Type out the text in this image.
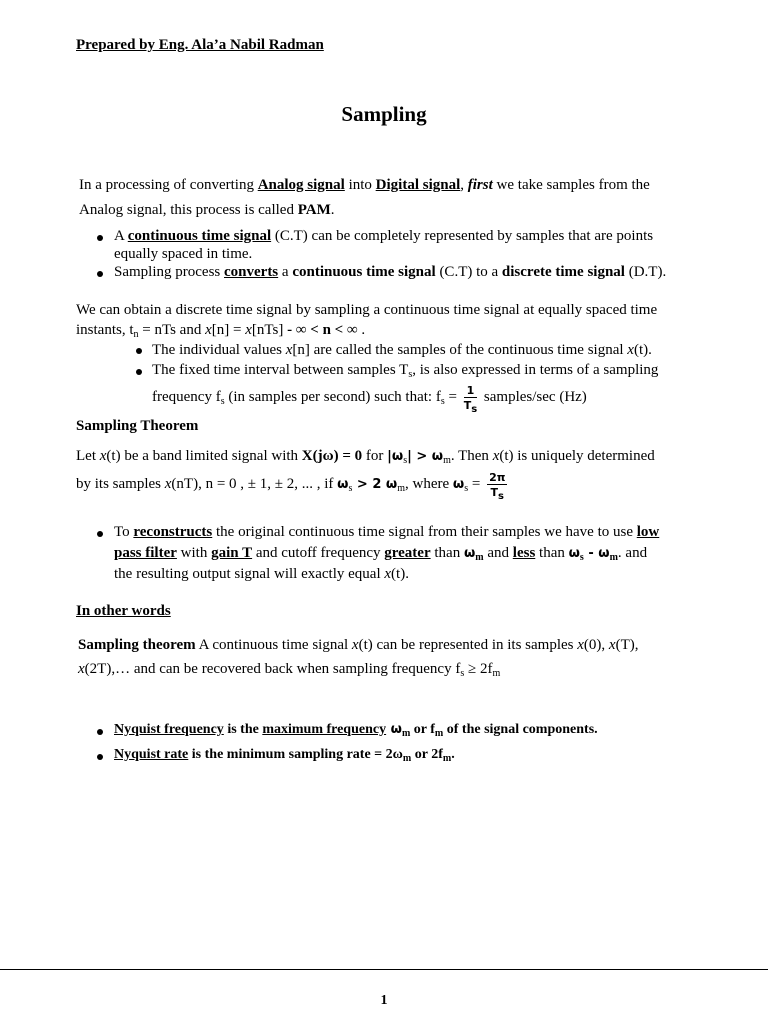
Prepared by Eng. Ala’a Nabil Radman
Sampling
In a processing of converting Analog signal into Digital signal, first we take samples from the
Analog signal, this process is called PAM.
A continuous time signal (C.T) can be completely represented by samples that are points
equally spaced in time.
Sampling process converts a continuous time signal (C.T) to a discrete time signal (D.T).
We can obtain a discrete time signal by sampling a continuous time signal at equally spaced time
instants, $t_n$ = nTs and x[n] = x[nTs] - ∞ < n < ∞ .
The individual values x[n] are called the samples of the continuous time signal x(t).
The fixed time interval between samples $T_s$, is also expressed in terms of a sampling
frequency $f_s$ (in samples per second) such that: $f_s = \frac{1}{T_s}$ samples/sec (Hz)
Sampling Theorem
Let x(t) be a band limited signal with X(jω) = 0 for $|\omega_s| > \omega_m$. Then x(t) is uniquely determined
by its samples x(nT), n = 0 , ± 1, ± 2, ... , if $\omega_s > 2$ $\omega_m$, where $\omega_s = \frac{2\pi}{T_s}$
To reconstructs the original continuous time signal from their samples we have to use low
pass filter with gain T and cutoff frequency greater than $\omega_m$ and less than $\omega_s - \omega_m$. and
the resulting output signal will exactly equal x(t).
In other words
Sampling theorem A continuous time signal x(t) can be represented in its samples x(0), x(T),
x(2T),… and can be recovered back when sampling frequency $f_s \ge 2f_m$
Nyquist frequency is the maximum frequency $\omega_m$ or $f_m$ of the signal components.
Nyquist rate is the minimum sampling rate = $2\omega_m$ or $2f_m$.
1
